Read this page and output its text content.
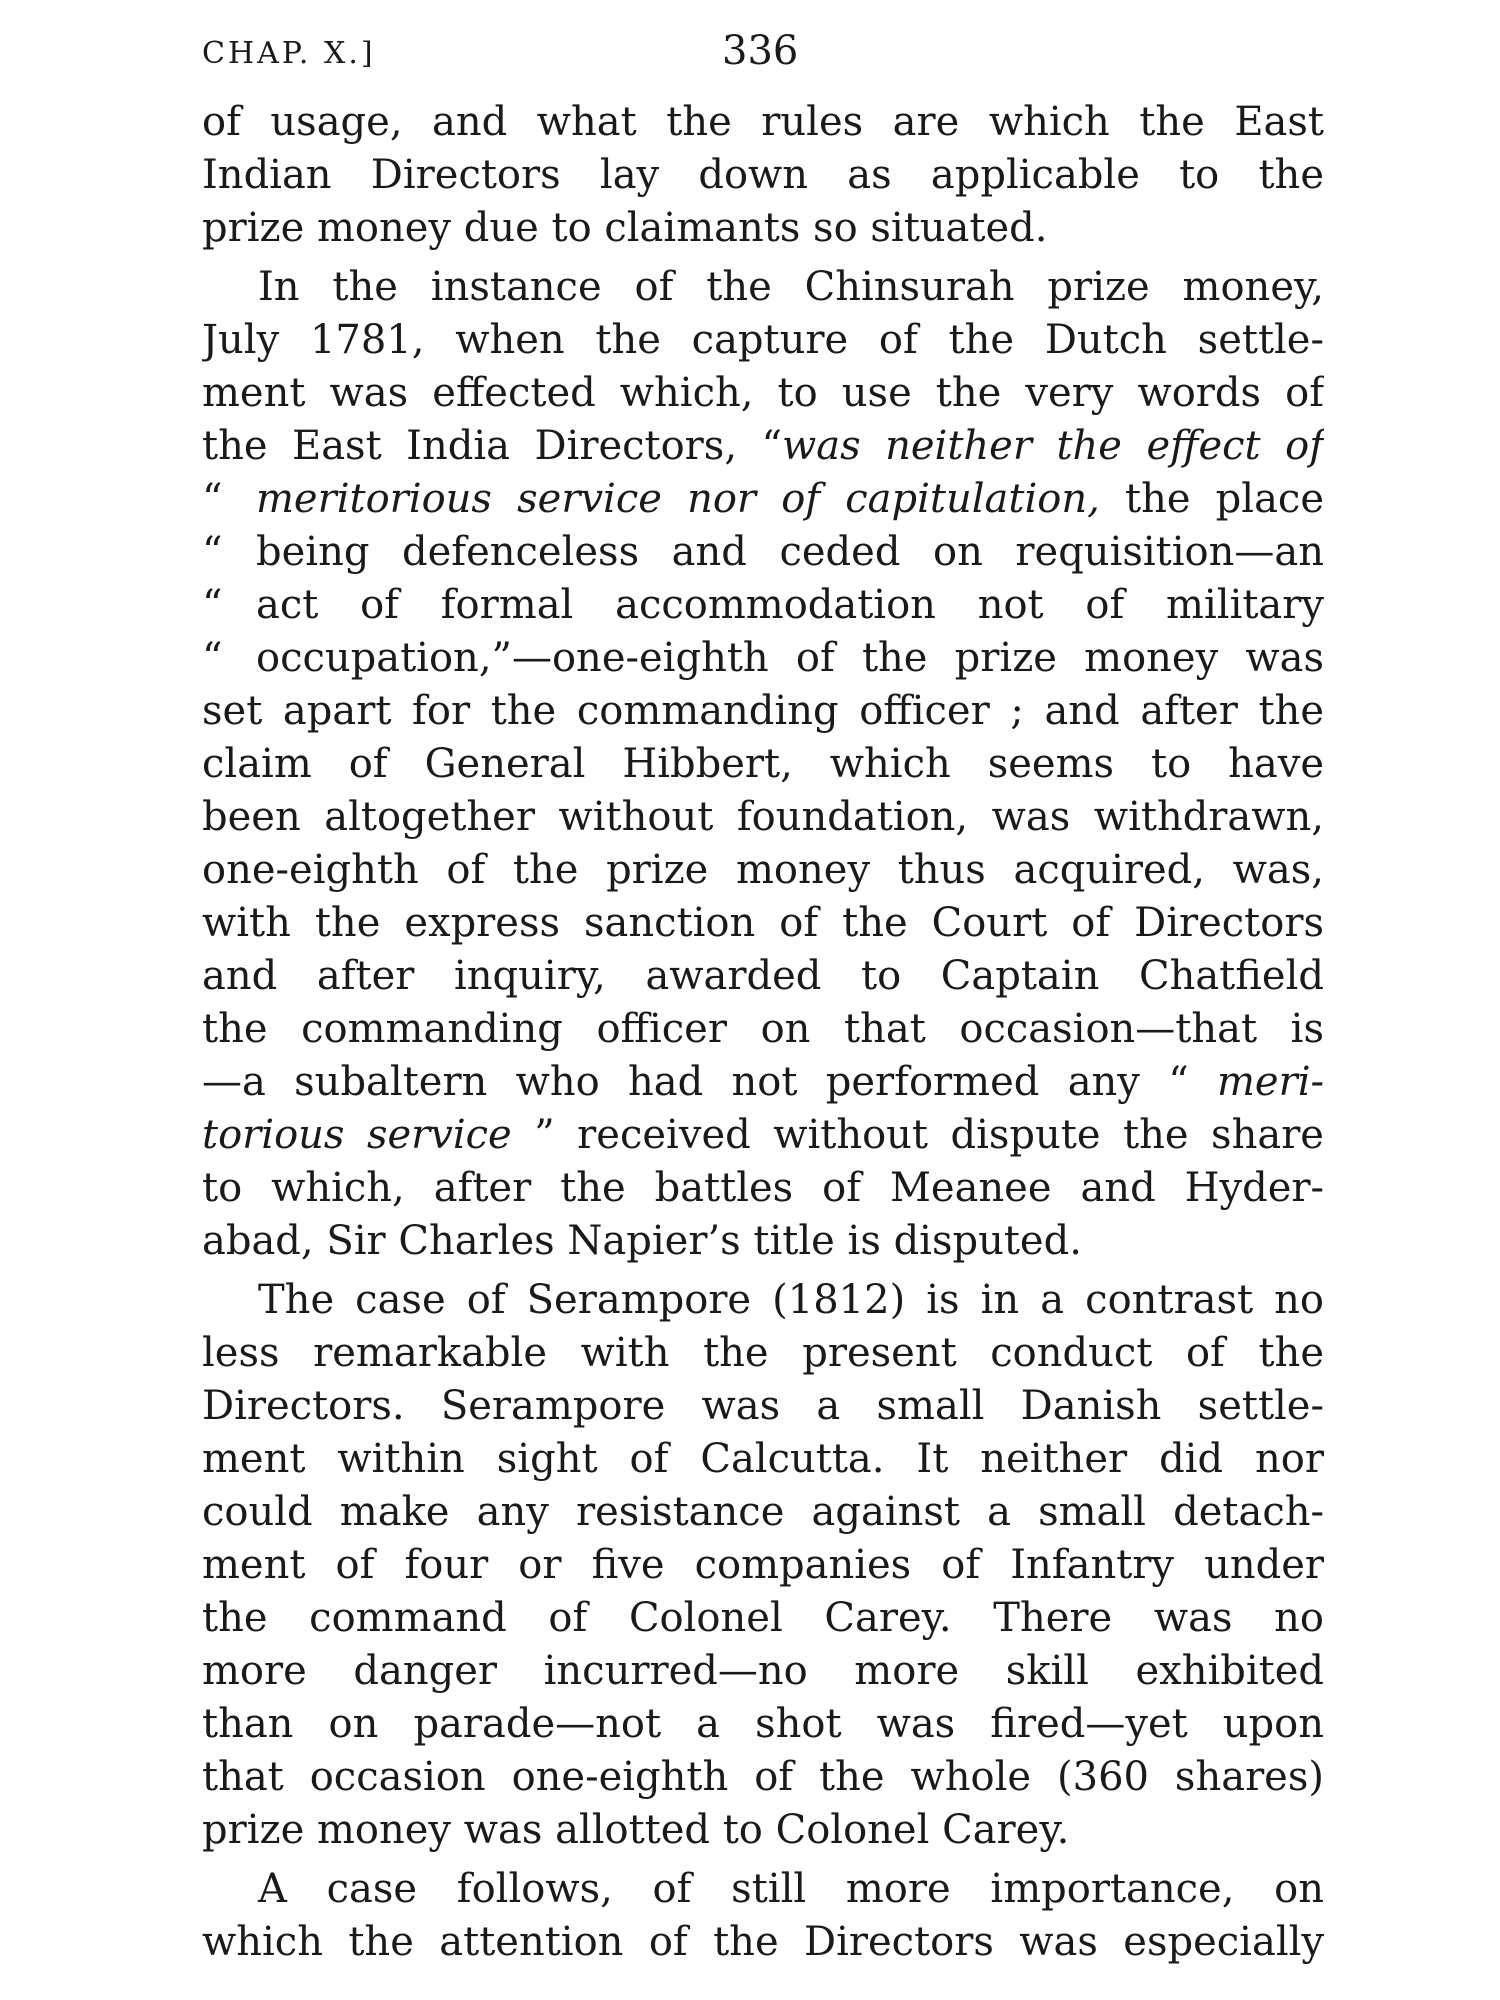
CHAP. X.]	336
of usage, and what the rules are which the East
Indian Directors lay down as applicable to the
prize money due to claimants so situated.
In the instance of the Chinsurah prize money,
July 1781, when the capture of the Dutch settle-
ment was effected which, to use the very words of
the East India Directors, “was neither the effect of
“ meritorious service nor of capitulation, the place
“ being defenceless and ceded on requisition—an
“ act of formal accommodation not of military
“ occupation,”—one-eighth of the prize money was
set apart for the commanding officer ; and after the
claim of General Hibbert, which seems to have
been altogether without foundation, was withdrawn,
one-eighth of the prize money thus acquired, was,
with the express sanction of the Court of Directors
and after inquiry, awarded to Captain Chatfield
the commanding officer on that occasion—that is
—a subaltern who had not performed any “ meri-
torious service ” received without dispute the share
to which, after the battles of Meanee and Hyder-
abad, Sir Charles Napier’s title is disputed.
The case of Serampore (1812) is in a contrast no
less remarkable with the present conduct of the
Directors. Serampore was a small Danish settle-
ment within sight of Calcutta. It neither did nor
could make any resistance against a small detach-
ment of four or five companies of Infantry under
the command of Colonel Carey. There was no
more danger incurred—no more skill exhibited
than on parade—not a shot was fired—yet upon
that occasion one-eighth of the whole (360 shares)
prize money was allotted to Colonel Carey.
A case follows, of still more importance, on
which the attention of the Directors was especially
